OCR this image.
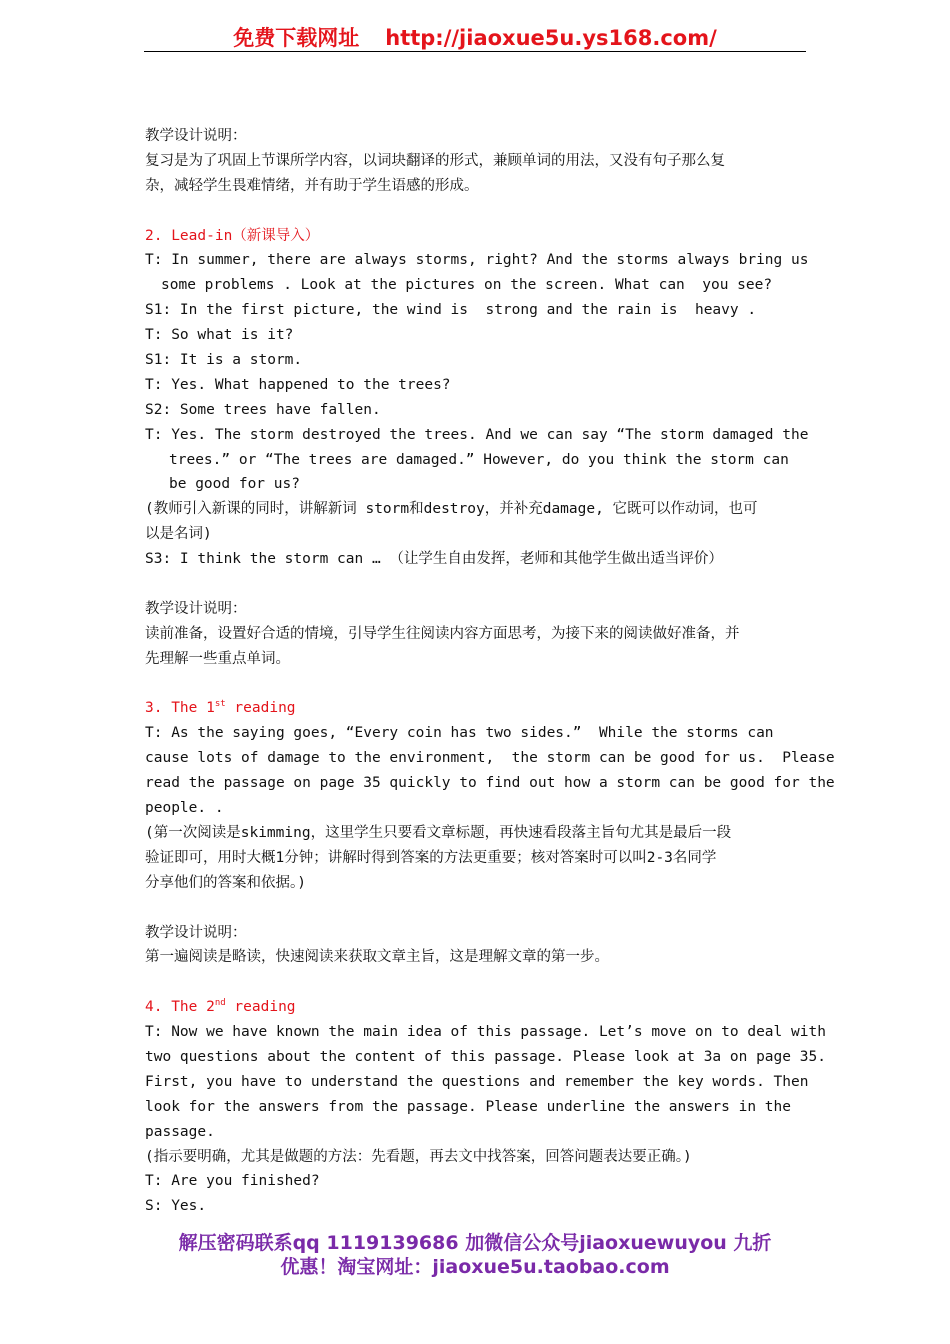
免费下载网址 http://jiaoxue5u.ys168.com/
教学设计说明：
复习是为了巩固上节课所学内容，以词块翻译的形式，兼顾单词的用法，又没有句子那么复
杂，减轻学生畏难情绪，并有助于学生语感的形成。
2. Lead-in（新课导入）
T: In summer, there are always storms, right? And the storms always bring us
some problems . Look at the pictures on the screen. What can  you see?
S1: In the first picture, the wind is  strong and the rain is  heavy .
T: So what is it?
S1: It is a storm.
T: Yes. What happened to the trees?
S2: Some trees have fallen.
T: Yes. The storm destroyed the trees. And we can say “The storm damaged the
trees.” or “The trees are damaged.” However, do you think the storm can
be good for us?
(教师引入新课的同时，讲解新词 storm和destroy，并补充damage, 它既可以作动词，也可
以是名词)
S3: I think the storm can … （让学生自由发挥，老师和其他学生做出适当评价）
教学设计说明：
读前准备，设置好合适的情境，引导学生往阅读内容方面思考，为接下来的阅读做好准备，并
先理解一些重点单词。
3. The 1st reading
T: As the saying goes, “Every coin has two sides.”  While the storms can
cause lots of damage to the environment,  the storm can be good for us.  Please
read the passage on page 35 quickly to find out how a storm can be good for the
people. .
(第一次阅读是skimming，这里学生只要看文章标题，再快速看段落主旨句尤其是最后一段
验证即可，用时大概1分钟；讲解时得到答案的方法更重要；核对答案时可以叫2-3名同学
分享他们的答案和依据。)
教学设计说明：
第一遍阅读是略读，快速阅读来获取文章主旨，这是理解文章的第一步。
4. The 2nd reading
T: Now we have known the main idea of this passage. Let’s move on to deal with
two questions about the content of this passage. Please look at 3a on page 35.
First, you have to understand the questions and remember the key words. Then
look for the answers from the passage. Please underline the answers in the
passage.
(指示要明确，尤其是做题的方法：先看题，再去文中找答案，回答问题表达要正确。)
T: Are you finished?
S: Yes.
解压密码联系qq 1119139686 加微信公众号jiaoxuewuyou 九折
优惠！淘宝网址：jiaoxue5u.taobao.com
